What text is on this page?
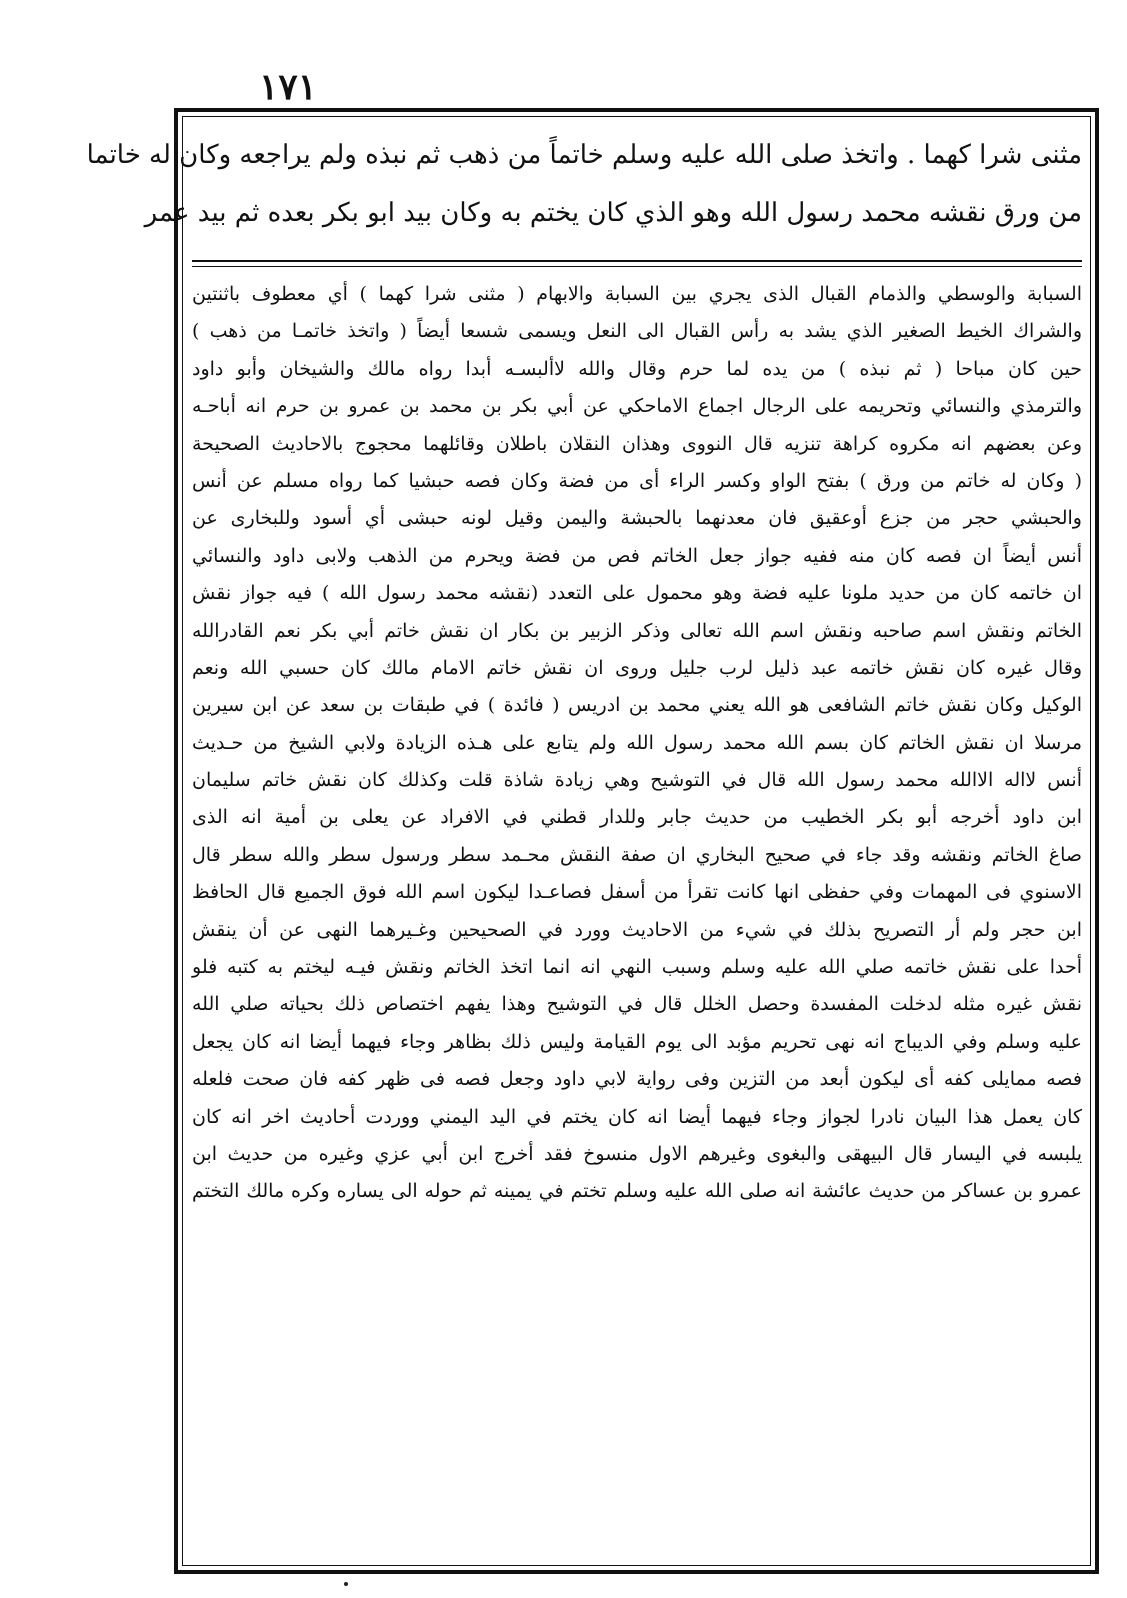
١٧١
مثنى شرا كهما . واتخذ صلى الله عليه وسلم خاتماً من ذهب ثم نبذه ولم يراجعه وكان له خاتما
من ورق نقشه محمد رسول الله وهو الذي كان يختم به وكان بيد ابو بكر بعده ثم بيد عمر
السبابة والوسطي والذمام القبال الذى يجري بين السبابة والابهام ( مثنى شرا كهما ) أي معطوف باثنتين
والشراك الخيط الصغير الذي يشد به رأس القبال الى النعل ويسمى شسعا أيضاً ( واتخذ خاتمـا من ذهب )
حين كان مباحا ( ثم نبذه ) من يده لما حرم وقال والله لاألبسـه أبدا رواه مالك والشيخان وأبو داود
والترمذي والنسائي وتحريمه على الرجال اجماع الاماحكي عن أبي بكر بن محمد بن عمرو بن حرم انه أباحـه
وعن بعضهم انه مكروه كراهة تنزيه قال النووى وهذان النقلان باطلان وقائلهما محجوج بالاحاديث الصحيحة
( وكان له خاتم من ورق ) بفتح الواو وكسر الراء أى من فضة وكان فصه حبشيا كما رواه مسلم عن أنس
والحبشي حجر من جزع أوعقيق فان معدنهما بالحبشة واليمن وقيل لونه حبشى أي أسود وللبخارى عن
أنس أيضاً ان فصه كان منه ففيه جواز جعل الخاتم فص من فضة ويحرم من الذهب ولابى داود والنسائي
ان خاتمه كان من حديد ملونا عليه فضة وهو محمول على التعدد (نقشه محمد رسول الله ) فيه جواز نقش
الخاتم ونقش اسم صاحبه ونقش اسم الله تعالى وذكر الزبير بن بكار ان نقش خاتم أبي بكر نعم القادرالله
وقال غيره كان نقش خاتمه عبد ذليل لرب جليل وروى ان نقش خاتم الامام مالك كان حسبي الله ونعم
الوكيل وكان نقش خاتم الشافعى هو الله يعني محمد بن ادريس ( فائدة ) في طبقات بن سعد عن ابن سيرين
مرسلا ان نقش الخاتم كان بسم الله محمد رسول الله ولم يتابع على هـذه الزيادة ولابي الشيخ من حـديث
أنس لااله الاالله محمد رسول الله قال في التوشيح وهي زيادة شاذة قلت وكذلك كان نقش خاتم سليمان
ابن داود أخرجه أبو بكر الخطيب من حديث جابر وللدار قطني في الافراد عن يعلى بن أمية انه الذى
صاغ الخاتم ونقشه وقد جاء في صحيح البخاري ان صفة النقش محـمد سطر ورسول سطر والله سطر قال
الاسنوي فى المهمات وفي حفظى انها كانت تقرأ من أسفل فصاعـدا ليكون اسم الله فوق الجميع قال الحافظ
ابن حجر ولم أر التصريح بذلك في شيء من الاحاديث وورد في الصحيحين وغـيرهما النهى عن أن ينقش
أحدا على نقش خاتمه صلي الله عليه وسلم وسبب النهي انه انما اتخذ الخاتم ونقش فيـه ليختم به كتبه فلو
نقش غيره مثله لدخلت المفسدة وحصل الخلل قال في التوشيح وهذا يفهم اختصاص ذلك بحياته صلي الله
عليه وسلم وفي الديباج انه نهى تحريم مؤبد الى يوم القيامة وليس ذلك بظاهر وجاء فيهما أيضا انه كان يجعل
فصه ممايلى كفه أى ليكون أبعد من التزين وفى رواية لابي داود وجعل فصه فى ظهر كفه فان صحت فلعله
كان يعمل هذا البيان نادرا لجواز وجاء فيهما أيضا انه كان يختم في اليد اليمني ووردت أحاديث اخر انه كان
يلبسه في اليسار قال البيهقى والبغوى وغيرهم الاول منسوخ فقد أخرج ابن أبي عزي وغيره من حديث ابن
عمرو بن عساكر من حديث عائشة انه صلى الله عليه وسلم تختم في يمينه ثم حوله الى يساره وكره مالك التختم
